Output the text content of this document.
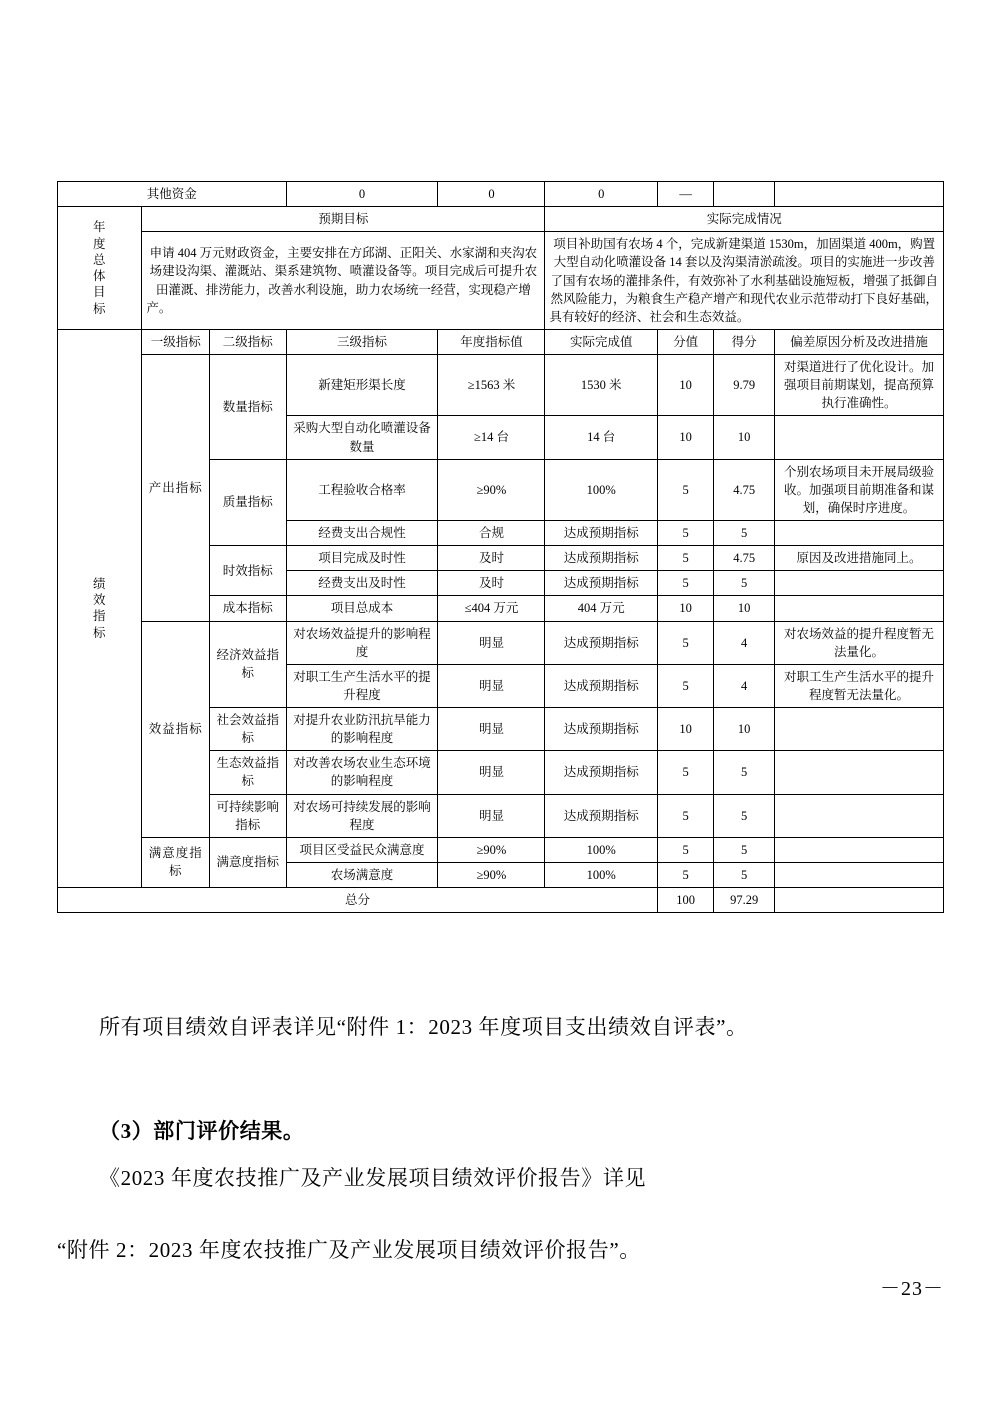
其他资金			0	0	0	—		

年度总体目标	预期目标				实际完成情况			
	申请 404 万元财政资金，主要安排在方邱湖、正阳关、水家湖和夹沟农场建设沟渠、灌溉站、渠系建筑物、喷灌设备等。项目完成后可提升农田灌溉、排涝能力，改善水利设施，助力农场统一经营，实现稳产增产。				项目补助国有农场 4 个，完成新建渠道 1530m，加固渠道 400m，购置大型自动化喷灌设备 14 套以及沟渠清淤疏浚。项目的实施进一步改善了国有农场的灌排条件，有效弥补了水利基础设施短板，增强了抵御自然风险能力，为粮食生产稳产增产和现代农业示范带动打下良好基础，具有较好的经济、社会和生态效益。			

绩效指标	一级指标	二级指标	三级指标	年度指标值	实际完成值	分值	得分	偏差原因分析及改进措施
	产出指标	数量指标	新建矩形渠长度	≥1563 米	1530 米	10	9.79	对渠道进行了优化设计。加强项目前期谋划，提高预算执行准确性。
			采购大型自动化喷灌设备数量	≥14 台	14 台	10	10	
		质量指标	工程验收合格率	≥90%	100%	5	4.75	个别农场项目未开展局级验收。加强项目前期准备和谋划，确保时序进度。
			经费支出合规性	合规	达成预期指标	5	5	
		时效指标	项目完成及时性	及时	达成预期指标	5	4.75	原因及改进措施同上。
			经费支出及时性	及时	达成预期指标	5	5	
		成本指标	项目总成本	≤404 万元	404 万元	10	10	
	效益指标	经济效益指标	对农场效益提升的影响程度	明显	达成预期指标	5	4	对农场效益的提升程度暂无法量化。
			对职工生产生活水平的提升程度	明显	达成预期指标	5	4	对职工生产生活水平的提升程度暂无法量化。
		社会效益指标	对提升农业防汛抗旱能力的影响程度	明显	达成预期指标	10	10	
		生态效益指标	对改善农场农业生态环境的影响程度	明显	达成预期指标	5	5	
		可持续影响指标	对农场可持续发展的影响程度	明显	达成预期指标	5	5	
	满意度指标	满意度指标	项目区受益民众满意度	≥90%	100%	5	5	
			农场满意度	≥90%	100%	5	5	
总分						100	97.29	
所有项目绩效自评表详见“附件 1：2023 年度项目支出绩效自评表”。
（3）部门评价结果。
《2023 年度农技推广及产业发展项目绩效评价报告》详见
“附件 2：2023 年度农技推广及产业发展项目绩效评价报告”。
－23－
